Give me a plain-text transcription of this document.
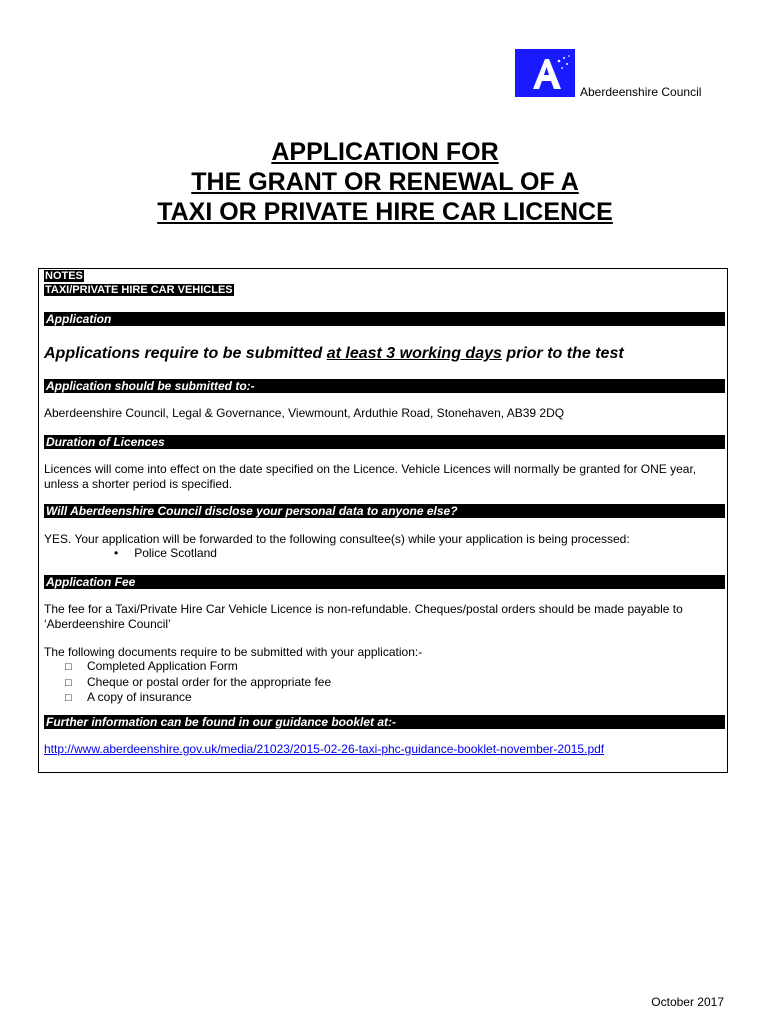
Aberdeenshire Council
APPLICATION FOR
THE GRANT OR RENEWAL OF A
TAXI OR PRIVATE HIRE CAR LICENCE
NOTES
TAXI/PRIVATE HIRE CAR VEHICLES
Application
Applications require to be submitted at least 3 working days prior to the test
Application should be submitted to:-
Aberdeenshire Council, Legal & Governance, Viewmount, Arduthie Road, Stonehaven, AB39 2DQ
Duration of Licences
Licences will come into effect on the date specified on the Licence. Vehicle Licences will normally be granted for ONE year, unless a shorter period is specified.
Will Aberdeenshire Council disclose your personal data to anyone else?
YES. Your application will be forwarded to the following consultee(s) while your application is being processed:
• Police Scotland
Application Fee
The fee for a Taxi/Private Hire Car Vehicle Licence is non-refundable. Cheques/postal orders should be made payable to ‘Aberdeenshire Council’
The following documents require to be submitted with your application:-
□ Completed Application Form
□ Cheque or postal order for the appropriate fee
□ A copy of insurance
Further information can be found in our guidance booklet at:-
http://www.aberdeenshire.gov.uk/media/21023/2015-02-26-taxi-phc-guidance-booklet-november-2015.pdf
October 2017
